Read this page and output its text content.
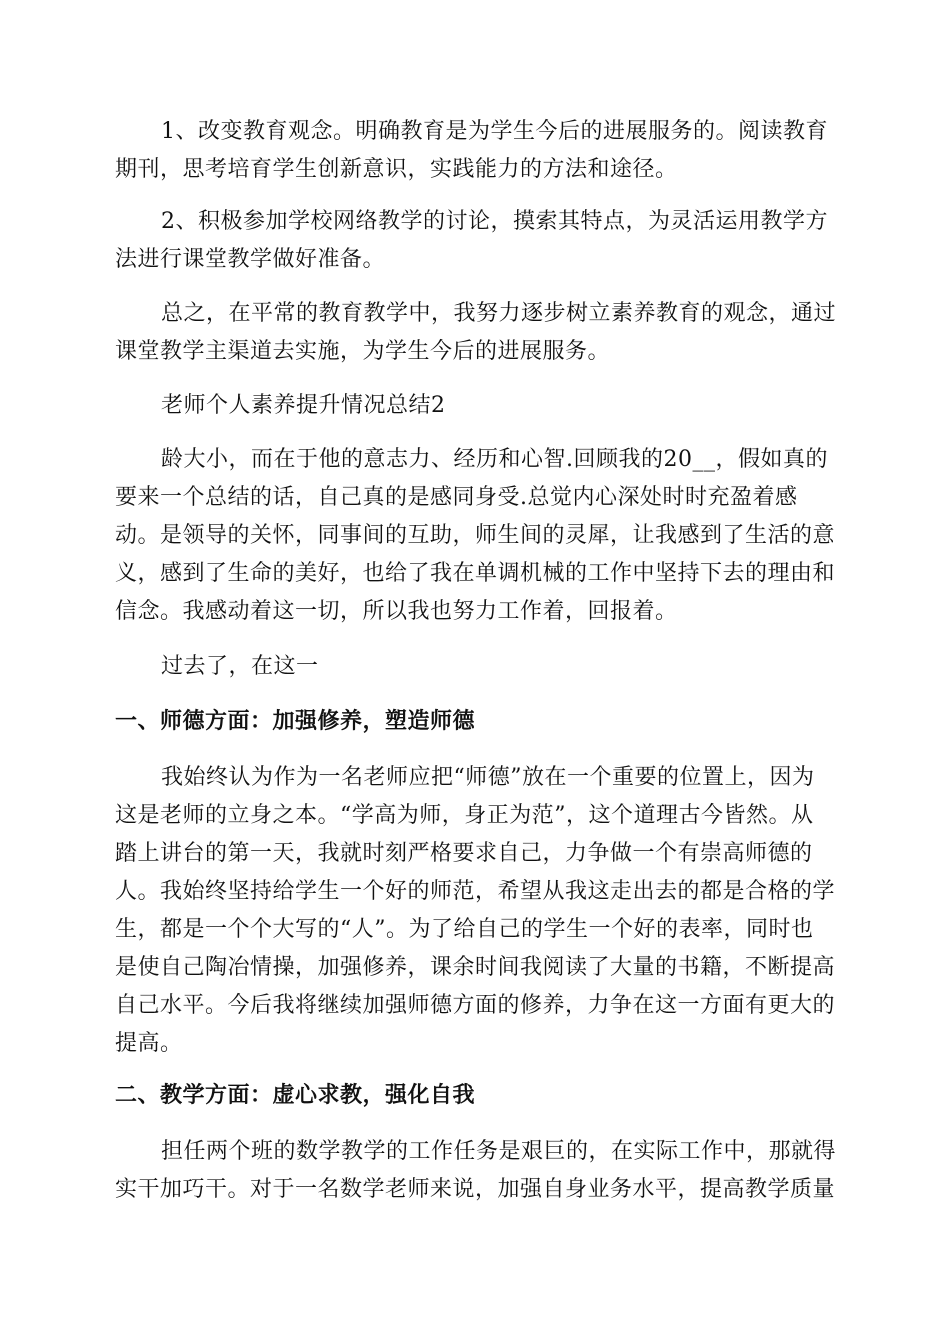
1、改变教育观念。明确教育是为学生今后的进展服务的。阅读教育
期刊，思考培育学生创新意识，实践能力的方法和途径。

2、积极参加学校网络教学的讨论，摸索其特点，为灵活运用教学方
法进行课堂教学做好准备。

总之，在平常的教育教学中，我努力逐步树立素养教育的观念，通过
课堂教学主渠道去实施，为学生今后的进展服务。

老师个人素养提升情况总结2

龄大小，而在于他的意志力、经历和心智.回顾我的20__，假如真的
要来一个总结的话，自己真的是感同身受.总觉内心深处时时充盈着感
动。是领导的关怀，同事间的互助，师生间的灵犀，让我感到了生活的意
义，感到了生命的美好，也给了我在单调机械的工作中坚持下去的理由和
信念。我感动着这一切，所以我也努力工作着，回报着。

过去了，在这一

一、师德方面：加强修养，塑造师德

我始终认为作为一名老师应把“师德”放在一个重要的位置上，因为
这是老师的立身之本。“学高为师，身正为范”，这个道理古今皆然。从
踏上讲台的第一天，我就时刻严格要求自己，力争做一个有崇高师德的
人。我始终坚持给学生一个好的师范，希望从我这走出去的都是合格的学
生，都是一个个大写的“人”。为了给自己的学生一个好的表率，同时也
是使自己陶冶情操，加强修养，课余时间我阅读了大量的书籍，不断提高
自己水平。今后我将继续加强师德方面的修养，力争在这一方面有更大的
提高。

二、教学方面：虚心求教，强化自我

担任两个班的数学教学的工作任务是艰巨的，在实际工作中，那就得
实干加巧干。对于一名数学老师来说，加强自身业务水平，提高教学质量
